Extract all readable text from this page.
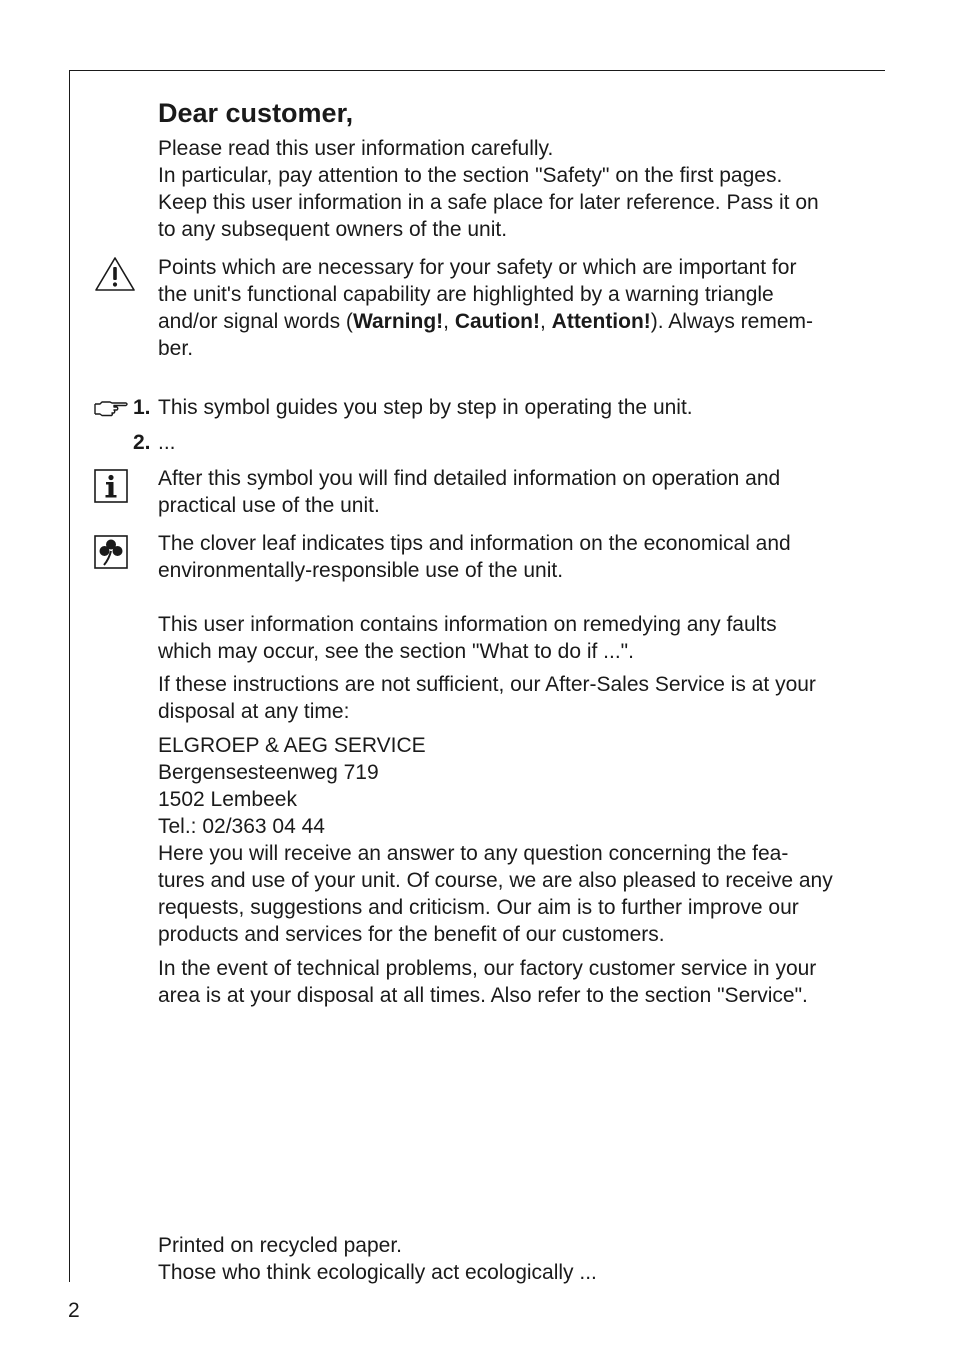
Dear customer,

Please read this user information carefully.
In particular, pay attention to the section "Safety" on the first pages.
Keep this user information in a safe place for later reference. Pass it on
to any subsequent owners of the unit.

Points which are necessary for your safety or which are important for
the unit's functional capability are highlighted by a warning triangle
and/or signal words (Warning!, Caution!, Attention!). Always remem-
ber.

1. This symbol guides you step by step in operating the unit.

2. ...

After this symbol you will find detailed information on operation and
practical use of the unit.

The clover leaf indicates tips and information on the economical and
environmentally-responsible use of the unit.

This user information contains information on remedying any faults
which may occur, see the section "What to do if ...".

If these instructions are not sufficient, our After-Sales Service is at your
disposal at any time:

ELGROEP & AEG SERVICE
Bergensesteenweg 719
1502 Lembeek
Tel.: 02/363 04 44

Here you will receive an answer to any question concerning the fea-
tures and use of your unit. Of course, we are also pleased to receive any
requests, suggestions and criticism. Our aim is to further improve our
products and services for the benefit of our customers.

In the event of technical problems, our factory customer service in your
area is at your disposal at all times. Also refer to the section "Service".

Printed on recycled paper.
Those who think ecologically act ecologically ...

2
